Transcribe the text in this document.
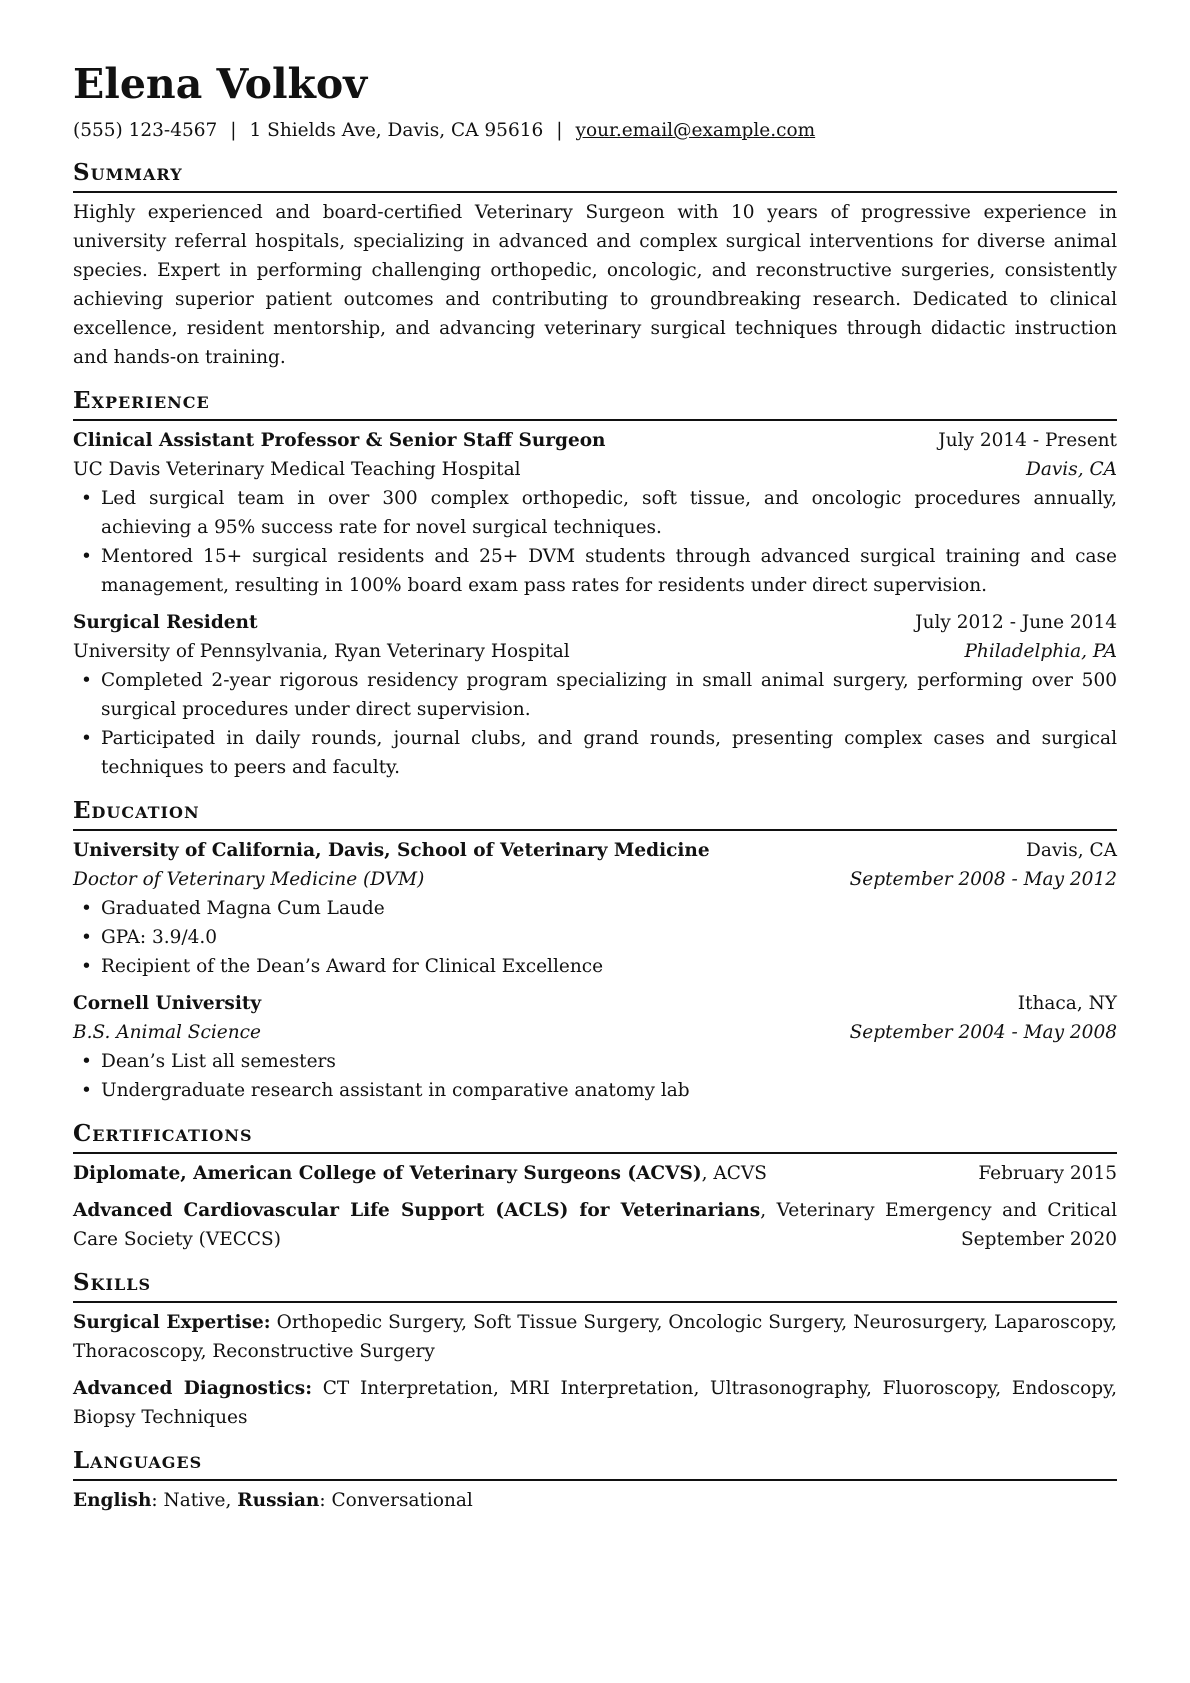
Elena Volkov
(555) 123-4567 | 1 Shields Ave, Davis, CA 95616 | your.email@example.com
Summary
Highly experienced and board-certified Veterinary Surgeon with 10 years of progressive experience in university referral hospitals, specializing in advanced and complex surgical interventions for diverse animal species. Expert in performing challenging orthopedic, oncologic, and reconstructive surgeries, consistently achieving superior patient outcomes and contributing to groundbreaking research. Dedicated to clinical excellence, resident mentorship, and advancing veterinary surgical techniques through didactic instruction and hands-on training.
Experience
Clinical Assistant Professor & Senior Staff Surgeon	July 2014 - Present
UC Davis Veterinary Medical Teaching Hospital	Davis, CA
• Led surgical team in over 300 complex orthopedic, soft tissue, and oncologic procedures annually, achieving a 95% success rate for novel surgical techniques.
• Mentored 15+ surgical residents and 25+ DVM students through advanced surgical training and case management, resulting in 100% board exam pass rates for residents under direct supervision.
Surgical Resident	July 2012 - June 2014
University of Pennsylvania, Ryan Veterinary Hospital	Philadelphia, PA
• Completed 2-year rigorous residency program specializing in small animal surgery, performing over 500 surgical procedures under direct supervision.
• Participated in daily rounds, journal clubs, and grand rounds, presenting complex cases and surgical techniques to peers and faculty.
Education
University of California, Davis, School of Veterinary Medicine	Davis, CA
Doctor of Veterinary Medicine (DVM)	September 2008 - May 2012
• Graduated Magna Cum Laude
• GPA: 3.9/4.0
• Recipient of the Dean’s Award for Clinical Excellence
Cornell University	Ithaca, NY
B.S. Animal Science	September 2004 - May 2008
• Dean’s List all semesters
• Undergraduate research assistant in comparative anatomy lab
Certifications
Diplomate, American College of Veterinary Surgeons (ACVS), ACVS	February 2015
Advanced Cardiovascular Life Support (ACLS) for Veterinarians, Veterinary Emergency and Critical Care Society (VECCS)	September 2020
Skills
Surgical Expertise: Orthopedic Surgery, Soft Tissue Surgery, Oncologic Surgery, Neurosurgery, Laparoscopy, Thoracoscopy, Reconstructive Surgery
Advanced Diagnostics: CT Interpretation, MRI Interpretation, Ultrasonography, Fluoroscopy, Endoscopy, Biopsy Techniques
Languages
English: Native, Russian: Conversational
